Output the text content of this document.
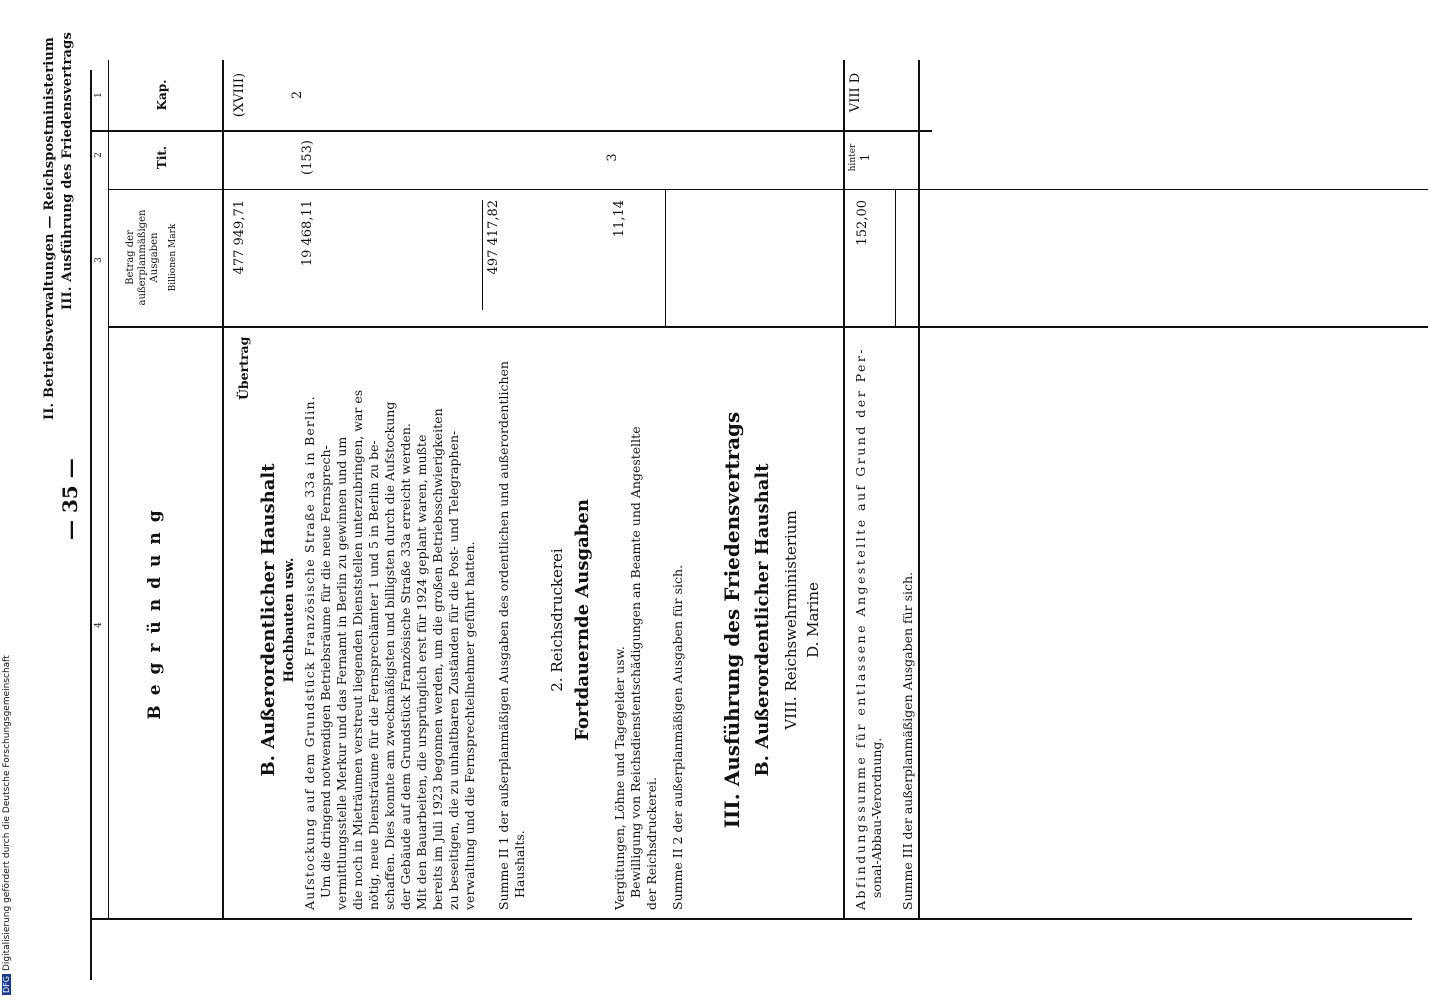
II. Betriebsverwaltungen — Reichspostministerium III. Ausführung des Friedensvertrags
— 35 —
1
2
3
4
Kap.
Tit.
Betrag der außerplanmäßigen Ausgaben Billionen Mark
Begründung
(XVIII)
477 949,71
Übertrag
B. Außerordentlicher Haushalt Hochbauten usw.
2
(153)
19 468,11
Aufstockung auf dem Grundstück Französische Straße 33a in Berlin. Um die dringend notwendigen Betriebsräume für die neue Fernsprech- vermittlungsstelle Merkur und das Fernamt in Berlin zu gewinnen und um die noch in Mieträumen verstreut liegenden Dienststellen unterzubringen, war es nötig, neue Diensträume für die Fernsprechämter 1 und 5 in Berlin zu be- schaffen. Dies konnte am zweckmäßigsten und billigsten durch die Aufstockung der Gebäude auf dem Grundstück Französische Straße 33a erreicht werden. Mit den Bauarbeiten, die ursprünglich erst für 1924 geplant waren, mußte bereits im Juli 1923 begonnen werden, um die großen Betriebsschwierigkeiten zu beseitigen, die zu unhaltbaren Zuständen für die Post- und Telegraphen- verwaltung und die Fernsprechteilnehmer geführt hatten.
497 417,82
Summe II 1 der außerplanmäßigen Ausgaben des ordentlichen und außerordentlichen Haushalts.
2. Reichsdruckerei Fortdauernde Ausgaben
3
11,14
Vergütungen, Löhne und Tagegelder usw. Bewilligung von Reichsdienstentschädigungen an Beamte und Angestellte der Reichsdruckerei. Summe II 2 der außerplanmäßigen Ausgaben für sich. III. Ausführung des Friedensvertrags B. Außerordentlicher Haushalt VIII. Reichswehrministerium D. Marine
VIII D
hinter 1
152,00
Abfindungssumme für entlassene Angestellte auf Grund der Per- sonal-Abbau-Verordnung. Summe III der außerplanmäßigen Ausgaben für sich.
DFGDigitalisierung gefördert durch die Deutsche Forschungsgemeinschaft
